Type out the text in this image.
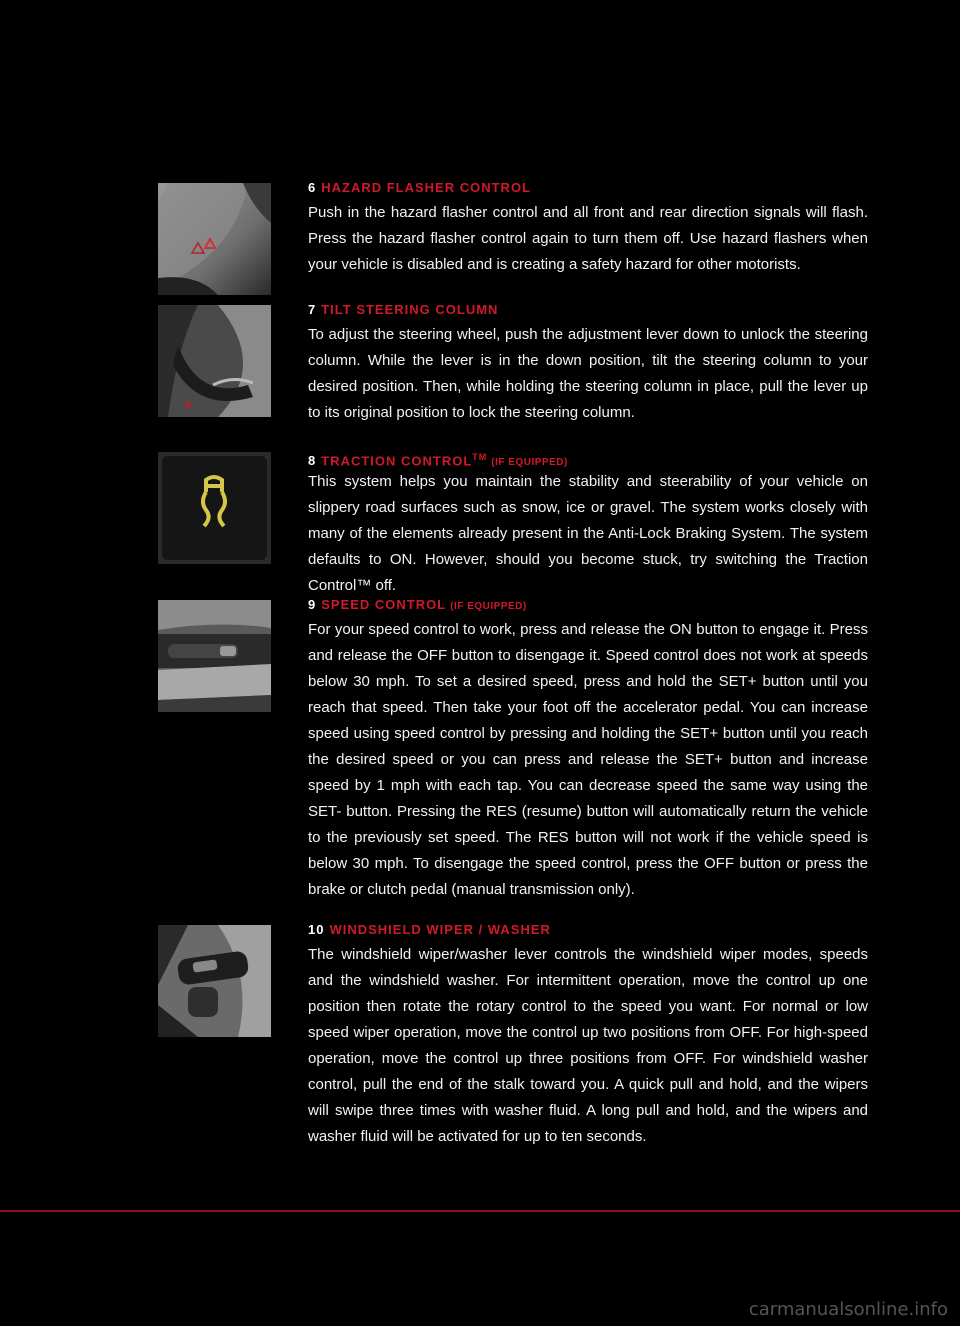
6 HAZARD FLASHER CONTROL

Push in the hazard flasher control and all front and rear direction signals will flash. Press the hazard flasher control again to turn them off. Use hazard flashers when your vehicle is disabled and is creating a safety hazard for other motorists.

7 TILT STEERING COLUMN

To adjust the steering wheel, push the adjustment lever down to unlock the steering column. While the lever is in the down position, tilt the steering column to your desired position. Then, while holding the steering column in place, pull the lever up to its original position to lock the steering column.

8 TRACTION CONTROL™(IF EQUIPPED)

This system helps you maintain the stability and steerability of your vehicle on slippery road surfaces such as snow, ice or gravel. The system works closely with many of the elements already present in the Anti-Lock Braking System. The system defaults to ON. However, should you become stuck, try switching the Traction Control™ off.

9 SPEED CONTROL (IF EQUIPPED)

For your speed control to work, press and release the ON button to engage it. Press and release the OFF button to disengage it. Speed control does not work at speeds below 30 mph. To set a desired speed, press and hold the SET+ button until you reach that speed. Then take your foot off the accelerator pedal. You can increase speed using speed control by pressing and holding the SET+ button until you reach the desired speed or you can press and release the SET+ button and increase speed by 1 mph with each tap. You can decrease speed the same way using the SET- button. Pressing the RES (resume) button will automatically return the vehicle to the previously set speed. The RES button will not work if the vehicle speed is below 30 mph. To disengage the speed control, press the OFF button or press the brake or clutch pedal (manual transmission only).

10 WINDSHIELD WIPER / WASHER

The windshield wiper/washer lever controls the windshield wiper modes, speeds and the windshield washer. For intermittent operation, move the control up one position then rotate the rotary control to the speed you want. For normal or low speed wiper operation, move the control up two positions from OFF. For high-speed operation, move the control up three positions from OFF. For windshield washer control, pull the end of the stalk toward you. A quick pull and hold, and the wipers will swipe three times with washer fluid. A long pull and hold, and the wipers and washer fluid will be activated for up to ten seconds.

carmanualsonline.info
